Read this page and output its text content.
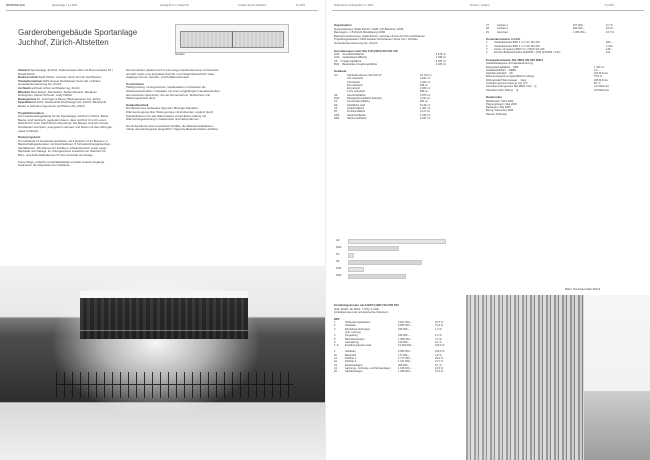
SPORTANLAGE	Sportanlage / 1.1.2007	Auftrag 80.0 m / Stand 06	Juchhof, Zürich-Altstetten	8 | 2007	Stadt Zürich / Auftrag 80.0 m / 2007	Zürcher / verfasst	8 | 2007
Garderobengebäude Sportanlage
Juchhof, Zürich-Altstetten
Situation
Standort Sportanlage Juchhof, Kulkenstrasse 200 und Bernerstrasse 52 | Rosalt Zürich
Bauherrschaft Stadt Zürich, vertreten durch Amt für Hochbauten
Totalunternehmer HRS Hauser Rutishauser Suter AG / Gitzbau Generalunternehmung AG, Zürich
Architekt architekt schurt architekten ag, Zürich
Mitarbeit Marc Eckert, Piet Eckert, Stefan Rentsch, Benjamin Nottingham, Daniel Schmelz, Andy Flühler
Bauingenieur Dr. Lüchinger & Meyer, Bauingenieure AG, Zürich
Spezialisten HLKS: Huustechnik Rechberger AG, Zürich; Bauphysik: Basler & Hofmann Ingenieure und Planer AG, Zürich
Projektinformation
Zum Garderobengebäude für die Sportanlage Juchhof in Zürich. Beide Bauten sind identisch, gegliedert davon, dass Juchhof II im UG einen Werkhof für Grün Stadt Zürich beherbergt. Die Bauten sind als robuste Nutzbauten konzipiert, energetisch optimiert und bieten mit dem Minergie-Label zertifiziert.
Raumprogramm
Pro Gebäude 12 Garderobeneinheiten mit 6 Duschen à 12 Brausen, 2 Mannschaftsgarderoben mit Duschkabinen, 5 Schiedsrichtergarderoben, Sanitätsraum, WC-Räume für Publikum, Abwartsbereich sowie Lager, Werkstatt und Garage. Im Untergeschoss zusätzlich ein Werkhof mit Büro- und Aufenthaltsräumen für den Unterhalt der Anlage.
Kurze Wege, einfache Unterhaltsabläufe und klar zonierte Zugänge bestimmen die Disposition der Gebäude.
Die Grundrisse gliedern sich in eine lange Garderobenzone mit Duschen und WC sowie eine kompakte Technik- und Infrastrukturschicht. Zwei Zugänge trennen Sportler- und Publikumsbereich.
Konstruktion
Pfahlgründung. Untergeschoss, Gebäudekern und Decken als Ortbetonkonstruktion. Fassaden mit einer vorgehängten Lamellenstruktur aus eloxiertem Aluminium, die als Sonnenschutz, Sichtschutz und Witterungsschutz dient.
Gebäudetechnik
Der Betrieb des Gebäudes folgt dem Minergie-Standard. Wärmeerzeugung über Wärmepumpe mit Erdsonden, ergänzt durch Solarkollektoren für das Warmwasser. Kontrollierte Lüftung mit Wärmerückgewinnung in Garderoben und Nebenräumen.
Die Nebenräume sind mechanisch belüftet, die Wasserinstallationen robust und wartungsarm ausgeführt. Tragende Bauteile bleiben sichtbar.
Organisation
Gesamtleitung: Stadt Zürich / AHB, GP-Bauchef, 2005
Baubeginn: 1.5 Zürich-Bewilligung 2006
Bauherrenvertretung: Stadt Zürich, vertreten durch Amt für Hochbauten
Projektorganisation: HRS Hauser Rutishauser Suter AG / Gitzbau Generalunternehmung AG, Zürich
Grundmengen nach SIA 416 (2003) SN 504 416
GSF Grundstücksfläche	4 478 m²
GGF Gebäudegrundfläche	1 298 m²
UF Umgebungsfläche	3 180 m²
BUF Bearbeitete Umgebungsfläche	3 180 m²
Gebäude
GV	Gebäudevolumen SIA 416 GV	16 704 m³
UG unbeheizt	4 922 m²
UG beheizt	2 261 m²
EG unbeheizt	298 m²
EG beheizt	3 260 m²
1.OG unbeheizt	595 m²
GF	Geschossfläche	6 875 m²
NGF	Nettogeschossfläche (beheizt)	3 511 m²
KF	Konstruktionsfläche	281 m²
NF	Nutzfläche total	5 126 m²
VF	Verkehrsfläche	1 401 m²
FF	Funktionsfläche	4 117 m²
HNF	Hauptnutzfläche	1 035 m²
NNF	Nebennutzfläche	4 037 m²
27	Ausbau 1	577 000.–	5,7 %
28	Ausbau 2	822 000.–	8,6 %
29	Honorare	1 066 000.–	10,7 %
Kostenkennwerte in CHF
1	Gebäudekosten BKP 2 / m³ GV SIA 416	562.–
2	Gebäudekosten BKP 2 / m² GF SIA 416	2 311.–
3	Kosten Umgebung BKP 4 / m² BUF SIA 416	145.–
4	Zürcher Baukostenindex (04/2005 = 100) (04/2006 = 101)	101
Energiekennwerte SIA 380/1 SN 520 380/1
Gebäudekategorie und Standardnutzung
Energiebezugsfläche EBF	1 430 m²
Gebäudehüllzahl A/EBF	2,0 –
Heizwärmebedarf Qh	152 MJ/m²a
Wärmerückgewinnungskoeffizient Lüftung	70,5 %
Wärmebedarf Warmwasser Qww	396 MJ/m²a
Vorlauftemperatur Heizung, bei -8°C	50 °C
Stromkennzahl gemäss SIA 380/4: total Q	4,6 kWh/m²a
Stromkennzahl: Wärme Q	2,8 kWh/m²a
Bautermine
Wettbewerb: März 2003
Planungsbeginn: Mai 2003
Baubeginn: Mai 2005
Bezug: Dezember 2006
Bauzeit: 8 Monate
GF
NGF
KF
NF
HNF
NNF
Erstellungskosten nach BKP (1997) SN 506 500
(inkl. MwSt. ab 2001: 7,6%) in CHF
(Anteilspreise und unbebeheizte Volumen)
BKP
1	Vorbereitungsarbeiten	2 607 000.–	15,7 %
2	Gebäude	9 583 000.–	72,3 %
3	Betriebseinrichtungen	180 000.–	1,4 %
(inkl. Lüftung)
4	Umgebung	446 000.–	3,4 %
5	Baunebenkosten	1 058 000.–	7,9 %
9	Ausstattung	410 000.–	3,1 %
1–9	Erstellungskosten total	13 284 000.–	100,0 %
2	Gebäude	9 583 000.–	100,0 %
20	Baugrube	173 000.–	1,8 %
21	Rohbau 1	2 777 000.–	29,0 %
22	Rohbau 2	1 311 000.–	13,7 %
23	Elektroanlagen	489 000.–	5,1 %
24	Heizungs-, Lüftungs- und Klimaanlagen	1 196 000.–	12,5 %
25	Sanitäranlagen	1 468 000.–	15,3 %
Bilder: Dominique Marc Wehrli
